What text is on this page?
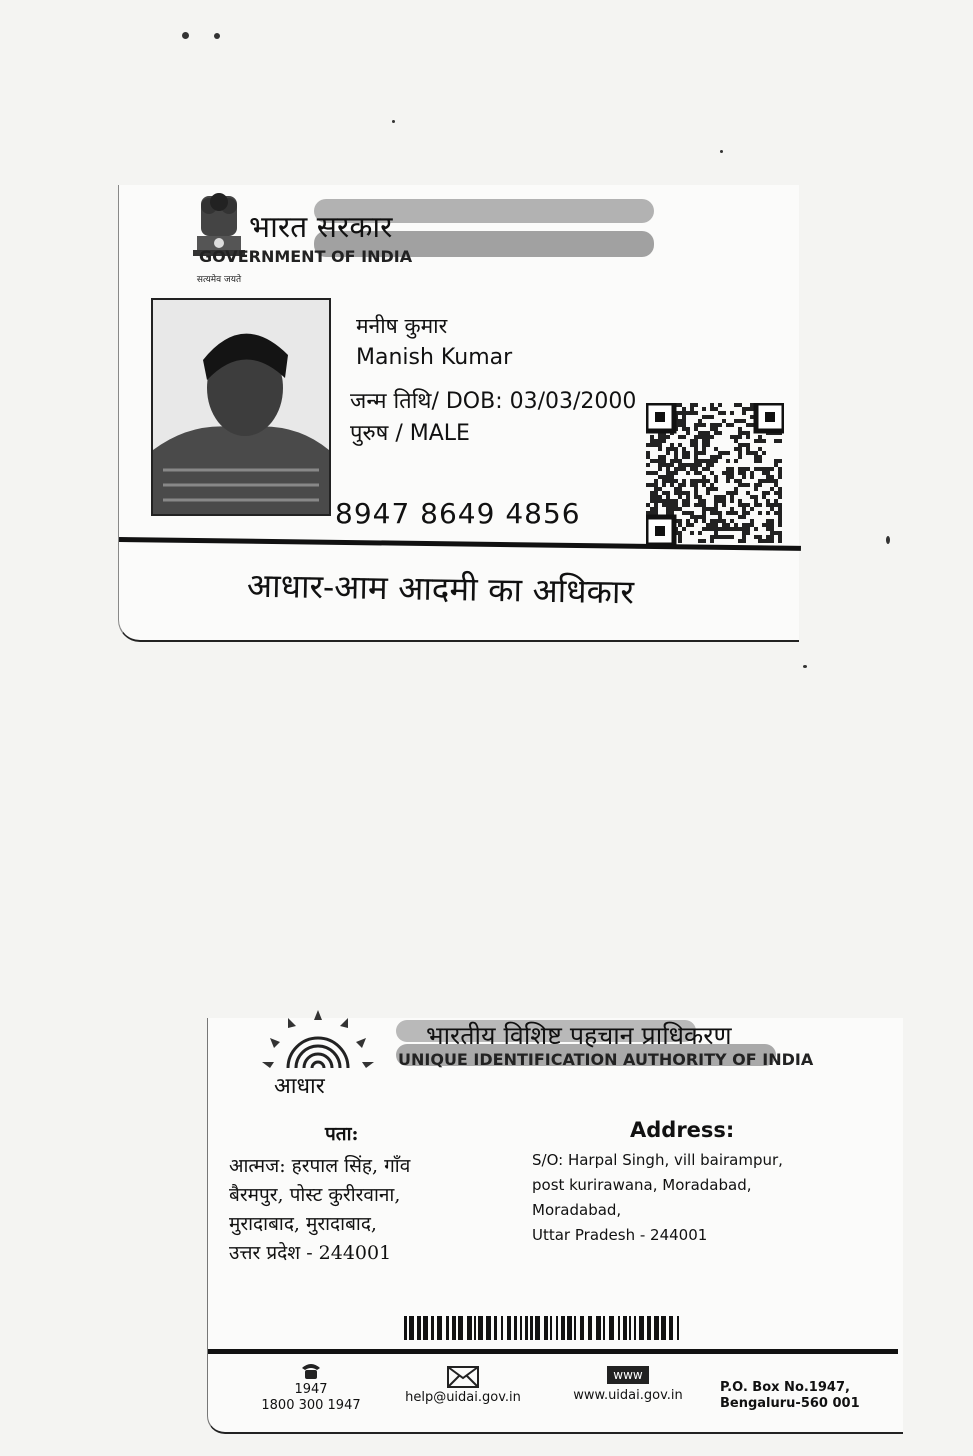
सत्यमेव जयते
भारत सरकार
GOVERNMENT OF INDIA
मनीष कुमार
Manish Kumar
जन्म तिथि/ DOB: 03/03/2000
पुरुष / MALE
8947 8649 4856
आधार-आम आदमी का अधिकार
आधार
भारतीय विशिष्ट पहचान प्राधिकरण
UNIQUE IDENTIFICATION AUTHORITY OF INDIA
पता:
आत्मज: हरपाल सिंह, गाँव
बैरमपुर, पोस्ट कुरीरवाना,
मुरादाबाद, मुरादाबाद,
उत्तर प्रदेश - 244001
Address:
S/O: Harpal Singh, vill bairampur,
post kurirawana, Moradabad,
Moradabad,
Uttar Pradesh - 244001
1947
1800 300 1947
help@uidai.gov.in
www
www.uidai.gov.in
P.O. Box No.1947,
Bengaluru-560 001
